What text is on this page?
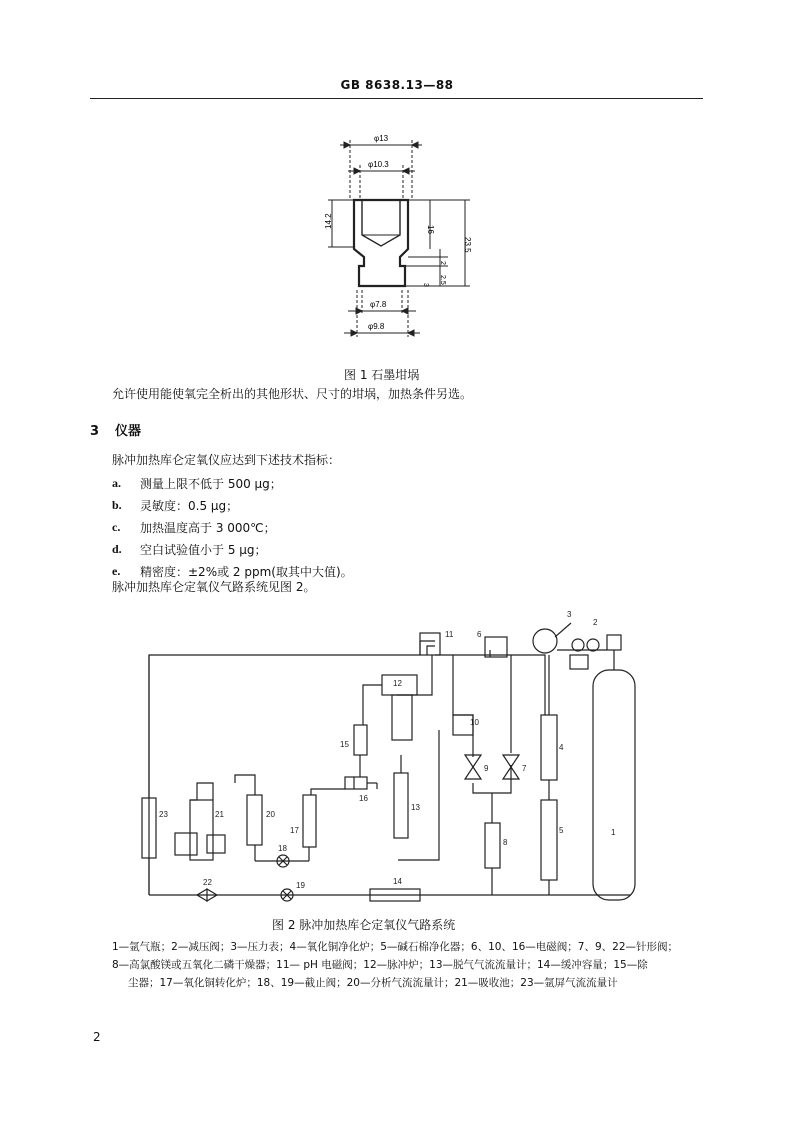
GB 8638.13—88
φ13
φ10.3
14.2
16
23.5
2
2.5
3
φ7.8
φ9.8
图 1 石墨坩埚
允许使用能使氧完全析出的其他形状、尺寸的坩埚，加热条件另选。
3 仪器
脉冲加热库仑定氧仪应达到下述技术指标：
a.	测量上限不低于 500 μg；
b.	灵敏度：0.5 μg；
c.	加热温度高于 3 000℃；
d.	空白试验值小于 5 μg；
e.	精密度：±2%或 2 ppm(取其中大值)。
脉冲加热库仑定氧仪气路系统见图 2。
1
2
3
4
5
6
7
8
9
10
11
12
13
14
15
16
17
18
19
20
21
22
23
图 2 脉冲加热库仑定氧仪气路系统
1—氩气瓶；2—减压阀；3—压力表；4—氧化铜净化炉；5—碱石棉净化器；6、10、16—电磁阀；7、9、22—针形阀；
8—高氯酸镁或五氧化二磷干燥器；11— pH 电磁阀；12—脉冲炉；13—脱气气流流量计；14—缓冲容量；15—除
尘器；17—氧化铜转化炉；18、19—截止阀；20—分析气流流量计；21—吸收池；23—氩屏气流流量计
2
